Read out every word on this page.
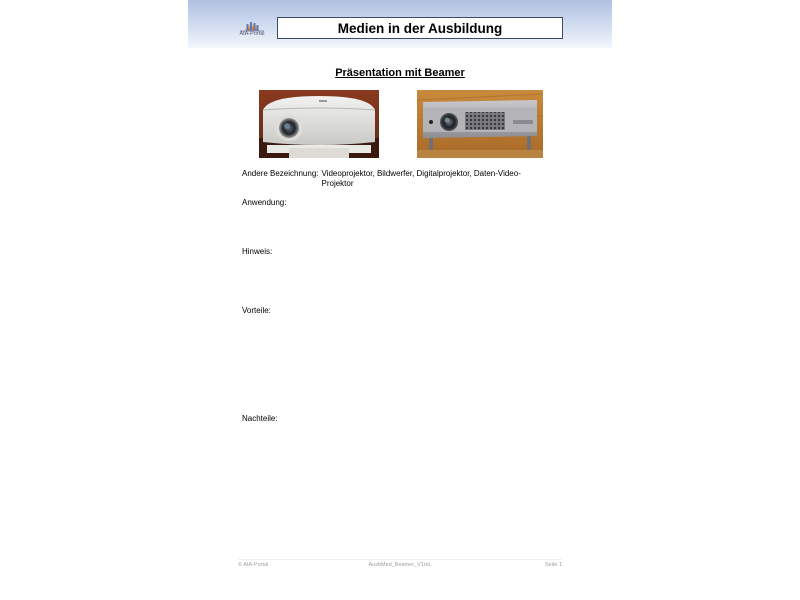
AtA-Portal	Medien in der Ausbildung
Präsentation mit Beamer
Andere Bezeichnung: Videoprojektor, Bildwerfer, Digitalprojektor, Daten-Video-Projektor
Anwendung:
Hinweis:
Vorteile:
Nachteile:
© AtA-Portal	AusbMed_Beamer_V1mL	Seite 1
